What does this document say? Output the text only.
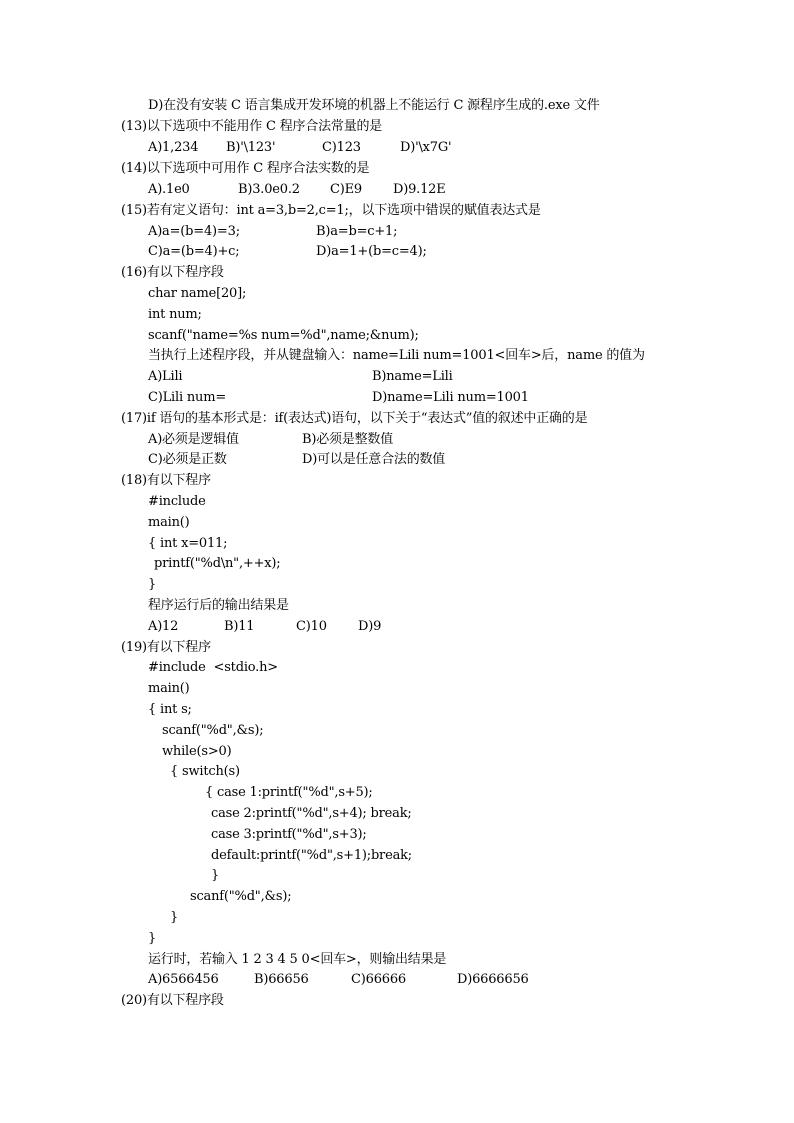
D)在没有安装 C 语言集成开发环境的机器上不能运行 C 源程序生成的.exe 文件
(13)以下选项中不能用作 C 程序合法常量的是
A)1,234 B)'\123'	C)123	D)'\x7G'
(14)以下选项中可用作 C 程序合法实数的是
A).1e0	B)3.0e0.2 C)E9 D)9.12E
(15)若有定义语句：int a=3,b=2,c=1;，以下选项中错误的赋值表达式是
A)a=(b=4)=3;	B)a=b=c+1;
C)a=(b=4)+c;	D)a=1+(b=c=4);
(16)有以下程序段
char name[20];
int num;
scanf("name=%s num=%d",name;&num);
当执行上述程序段，并从键盘输入：name=Lili num=1001<回车>后，name 的值为
A)Lili	B)name=Lili
C)Lili num=	D)name=Lili num=1001
(17)if 语句的基本形式是：if(表达式)语句，以下关于“表达式”值的叙述中正确的是
A)必须是逻辑值	B)必须是整数值
C)必须是正数	D)可以是任意合法的数值
(18)有以下程序
#include
main()
{ int x=011;
printf("%d\n",++x);
}
程序运行后的输出结果是
A)12	B)11	C)10 D)9
(19)有以下程序
#include  <stdio.h>
main()
{ int s;
scanf("%d",&s);
while(s>0)
{ switch(s)
{ case 1:printf("%d",s+5);
case 2:printf("%d",s+4); break;
case 3:printf("%d",s+3);
default:printf("%d",s+1);break;
}
scanf("%d",&s);
}
}
运行时，若输入 1 2 3 4 5 0<回车>，则输出结果是
A)6566456	B)66656	C)66666	D)6666656
(20)有以下程序段
